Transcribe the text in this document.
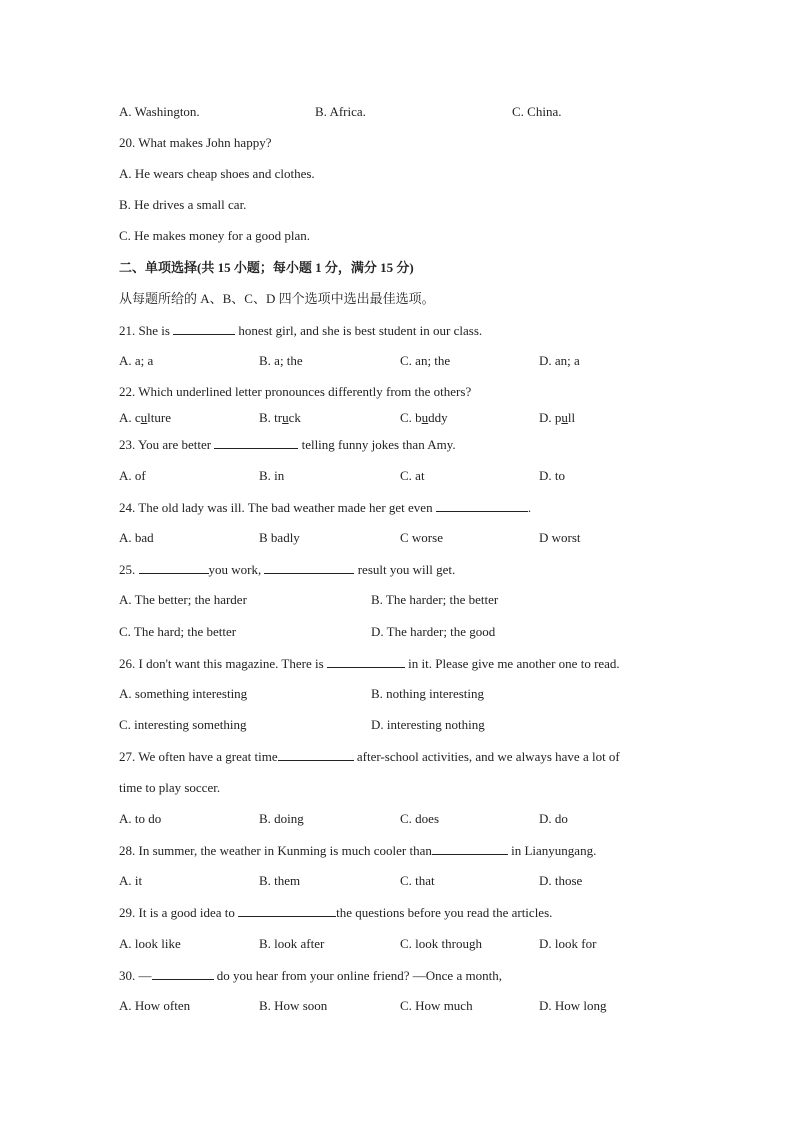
A. Washington.	B. Africa.	C. China.
20. What makes John happy?
A. He wears cheap shoes and clothes.
B. He drives a small car.
C. He makes money for a good plan.
二、单项选择(共 15 小题；每小题 1 分，满分 15 分)
从每题所给的 A、B、C、D 四个选项中选出最佳选项。
21. She is	honest girl, and she is best student in our class.
A. a; a	B. a; the	C. an; the	D. an; a
22. Which underlined letter pronounces differently from the others?
A. culture	B. truck	C. buddy	D. pull
23. You are better	telling funny jokes than Amy.
A. of	B. in	C. at	D. to
24. The old lady was ill. The bad weather made her get even	.
A. bad	B badly	C worse	D worst
25.	you work,	result you will get.
A. The better; the harder	B. The harder; the better
C. The hard; the better	D. The harder; the good
26. I don't want this magazine. There is	in it. Please give me another one to read.
A. something interesting	B. nothing interesting
C. interesting something	D. interesting nothing
27. We often have a great time	after-school activities, and we always have a lot of
time to play soccer.
A. to do	B. doing	C. does	D. do
28. In summer, the weather in Kunming is much cooler than	in Lianyungang.
A. it	B. them	C. that	D. those
29. It is a good idea to	the questions before you read the articles.
A. look like	B. look after	C. look through	D. look for
30. —	do you hear from your online friend? —Once a month,
A. How often	B. How soon	C. How much	D. How long
